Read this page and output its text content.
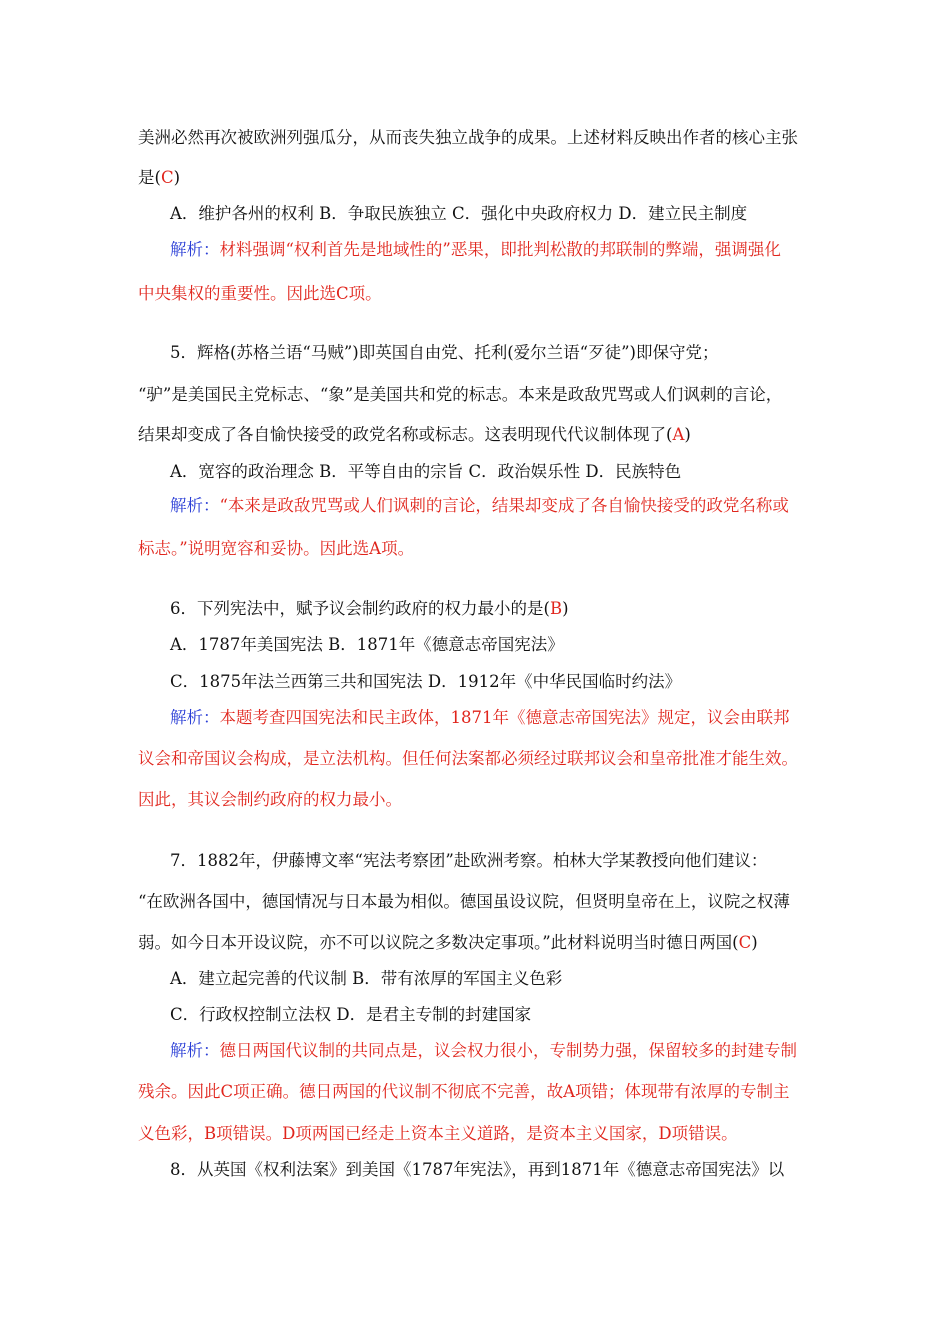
美洲必然再次被欧洲列强瓜分，从而丧失独立战争的成果。上述材料反映出作者的核心主张
是(C)
A．维护各州的权利 B．争取民族独立 C．强化中央政府权力 D．建立民主制度
解析：材料强调“权利首先是地域性的”恶果，即批判松散的邦联制的弊端，强调强化
中央集权的重要性。因此选C项。
5．辉格(苏格兰语“马贼”)即英国自由党、托利(爱尔兰语“歹徒”)即保守党；
“驴”是美国民主党标志、“象”是美国共和党的标志。本来是政敌咒骂或人们讽刺的言论，
结果却变成了各自愉快接受的政党名称或标志。这表明现代代议制体现了(A)
A．宽容的政治理念 B．平等自由的宗旨 C．政治娱乐性 D．民族特色
解析：“本来是政敌咒骂或人们讽刺的言论，结果却变成了各自愉快接受的政党名称或
标志。”说明宽容和妥协。因此选A项。
6．下列宪法中，赋予议会制约政府的权力最小的是(B)
A．1787年美国宪法 B．1871年《德意志帝国宪法》
C．1875年法兰西第三共和国宪法 D．1912年《中华民国临时约法》
解析：本题考查四国宪法和民主政体，1871年《德意志帝国宪法》规定，议会由联邦
议会和帝国议会构成，是立法机构。但任何法案都必须经过联邦议会和皇帝批准才能生效。
因此，其议会制约政府的权力最小。
7．1882年，伊藤博文率“宪法考察团”赴欧洲考察。柏林大学某教授向他们建议：
“在欧洲各国中，德国情况与日本最为相似。德国虽设议院，但贤明皇帝在上，议院之权薄
弱。如今日本开设议院，亦不可以议院之多数决定事项。”此材料说明当时德日两国(C)
A．建立起完善的代议制 B．带有浓厚的军国主义色彩
C．行政权控制立法权 D．是君主专制的封建国家
解析：德日两国代议制的共同点是，议会权力很小，专制势力强，保留较多的封建专制
残余。因此C项正确。德日两国的代议制不彻底不完善，故A项错；体现带有浓厚的专制主
义色彩，B项错误。D项两国已经走上资本主义道路，是资本主义国家，D项错误。
8．从英国《权利法案》到美国《1787年宪法》，再到1871年《德意志帝国宪法》以
